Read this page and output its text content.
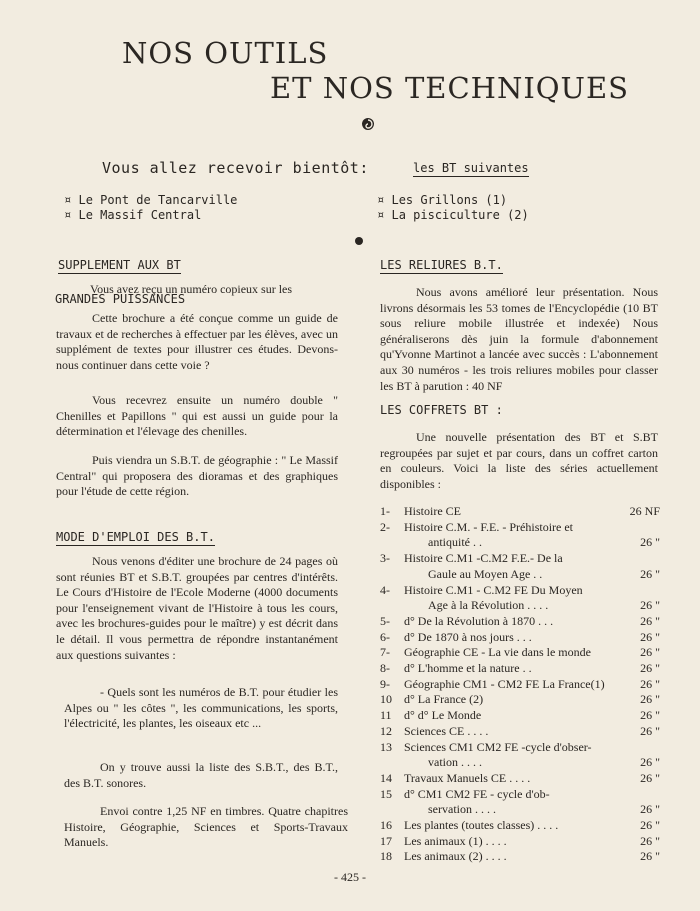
NOS OUTILS
ET NOS TECHNIQUES
Vous allez recevoir bientôt:	les BT suivantes
¤ Le Pont de Tancarville
¤ Le Massif Central
¤ Les Grillons (1)
¤ La pisciculture (2)
SUPPLEMENT AUX BT
Vous avez reçu un numéro copieux sur les
GRANDES PUISSANCES
Cette brochure a été conçue comme un guide de travaux et de recherches à effectuer par les élèves, avec un supplément de textes pour illustrer ces études. Devons-nous continuer dans cette voie ?
Vous recevrez ensuite un numéro double " Chenilles et Papillons " qui est aussi un guide pour la détermination et l'élevage des chenilles.
Puis viendra un S.B.T. de géographie : " Le Massif Central" qui proposera des dioramas et des graphiques pour l'étude de cette région.
MODE D'EMPLOI DES B.T.
Nous venons d'éditer une brochure de 24 pages où sont réunies BT et S.B.T. groupées par centres d'intérêts. Le Cours d'Histoire de l'Ecole Moderne (4000 documents pour l'enseignement vivant de l'Histoire à tous les cours, avec les brochures-guides pour le maître) y est décrit dans le détail. Il vous permettra de répondre instantanément aux questions suivantes :
- Quels sont les numéros de B.T. pour étudier les Alpes ou " les côtes ", les communications, les sports, l'électricité, les plantes, les oiseaux etc ...
On y trouve aussi la liste des S.B.T., des B.T., des B.T. sonores.
Envoi contre 1,25 NF en timbres. Quatre chapitres Histoire, Géographie, Sciences et Sports-Travaux Manuels.
LES RELIURES B.T.
Nous avons amélioré leur présentation. Nous livrons désormais les 53 tomes de l'Encyclopédie (10 BT sous reliure mobile illustrée et indexée) Nous généraliserons dès juin la formule d'abonnement qu'Yvonne Martinot a lancée avec succès : L'abonnement aux 30 numéros - les trois reliures mobiles pour classer les BT à parution : 40 NF
LES COFFRETS BT :
Une nouvelle présentation des BT et S.BT regroupées par sujet et par cours, dans un coffret carton en couleurs. Voici la liste des séries actuellement disponibles :
1-	Histoire CE	26 NF
2-	Histoire C.M. - F.E. - Préhistoire et
antiquité . .	26 "
3-	Histoire C.M1 -C.M2 F.E.- De la
Gaule au Moyen Age . .	26 "
4-	Histoire C.M1 - C.M2 FE Du Moyen
Age à la Révolution . . . .	26 "
5-	d° De la Révolution à 1870 . . .	26 "
6-	d° De 1870 à nos jours . . .	26 "
7-	Géographie CE - La vie dans le monde	26 "
8-	d° L'homme et la nature . .	26 "
9-	Géographie CM1 - CM2 FE La France(1)	26 "
10	d° La France (2)	26 "
11	d° d° Le Monde	26 "
12	Sciences CE . . . .	26 "
13	Sciences CM1 CM2 FE -cycle d'obser-
vation . . . .	26 "
14	Travaux Manuels CE . . . .	26 "
15	d° CM1 CM2 FE - cycle d'ob-
servation . . . .	26 "
16	Les plantes (toutes classes) . . . .	26 "
17	Les animaux (1) . . . .	26 "
18	Les animaux (2) . . . .	26 "
- 425 -
